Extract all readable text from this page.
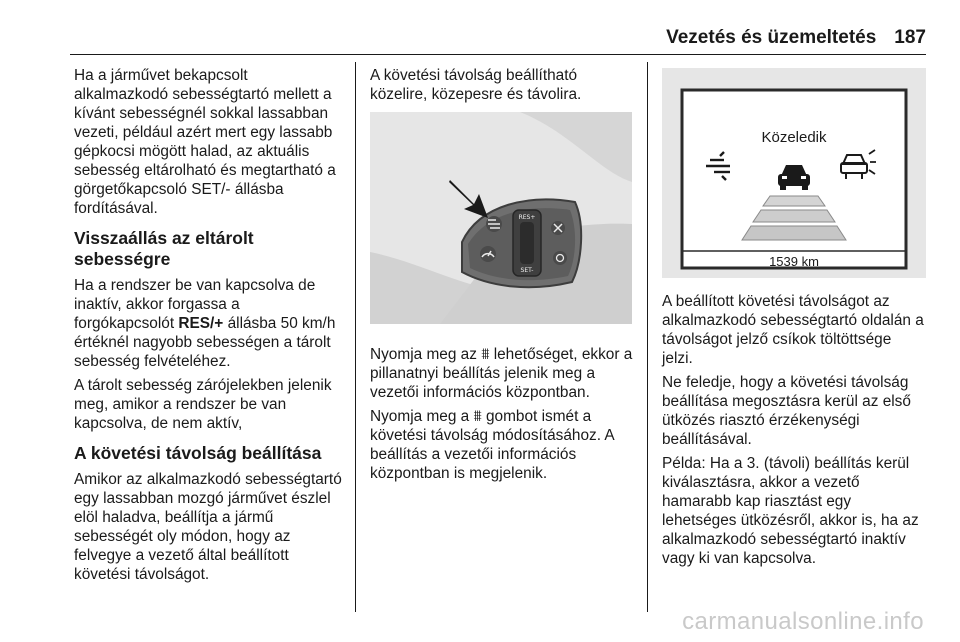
Vezetés és üzemeltetés 187

Ha a járművet bekapcsolt alkalmazkodó sebességtartó mellett a kívánt sebességnél sokkal lassabban vezeti, például azért mert egy lassabb gépkocsi mögött halad, az aktuális sebesség eltárolható és megtartható a görgetőkapcsoló SET/- állásba fordításával.

Visszaállás az eltárolt sebességre

Ha a rendszer be van kapcsolva de inaktív, akkor forgassa a forgókapcsolót RES/+ állásba 50 km/h értéknél nagyobb sebességen a tárolt sebesség felvételéhez.

A tárolt sebesség zárójelekben jelenik meg, amikor a rendszer be van kapcsolva, de nem aktív,

A követési távolság beállítása

Amikor az alkalmazkodó sebességtartó egy lassabban mozgó járművet észlel elöl haladva, beállítja a jármű sebességét oly módon, hogy az felvegye a vezető által beállított követési távolságot.

A követési távolság beállítható közelire, közepesre és távolira.

Nyomja meg az ⩩ lehetőséget, ekkor a pillanatnyi beállítás jelenik meg a vezetői információs központban.

Nyomja meg a ⩩ gombot ismét a követési távolság módosításához. A beállítás a vezetői információs központban is megjelenik.

RES+
SET-

A beállított követési távolságot az alkalmazkodó sebességtartó oldalán a távolságot jelző csíkok töltöttsége jelzi.

Ne feledje, hogy a követési távolság beállítása megosztásra kerül az első ütközés riasztó érzékenységi beállításával.

Példa: Ha a 3. (távoli) beállítás kerül kiválasztásra, akkor a vezető hamarabb kap riasztást egy lehetséges ütközésről, akkor is, ha az alkalmazkodó sebességtartó inaktív vagy ki van kapcsolva.

Közeledik
1539 km
carmanualsonline.info
